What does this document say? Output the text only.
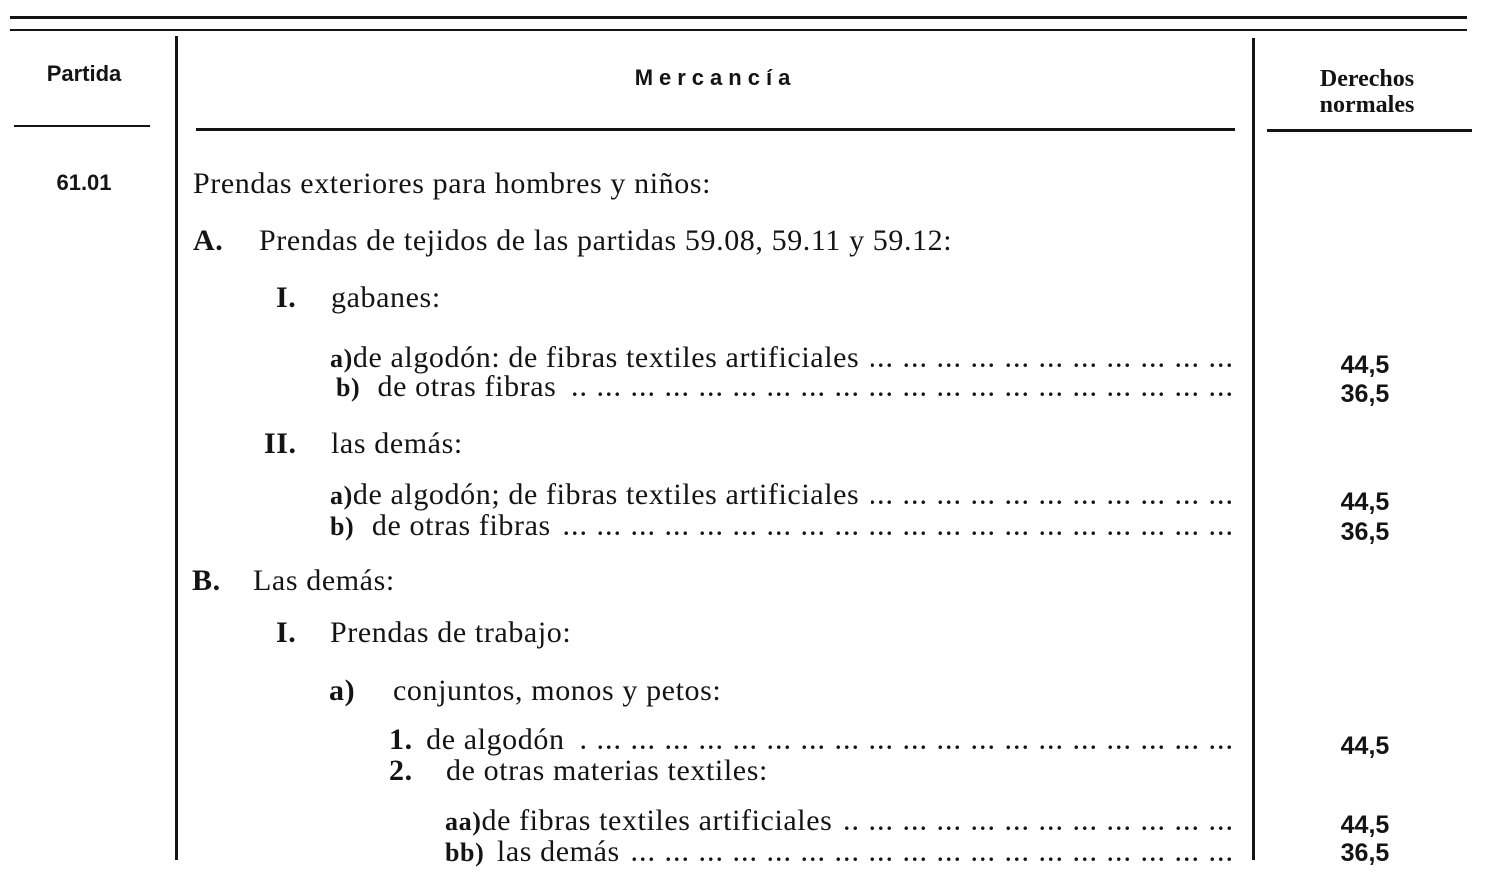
Partida	Mercancía	Derechos
normales
61.01	Prendas exteriores para hombres y niños:
A.	Prendas de tejidos de las partidas 59.08, 59.11 y 59.12:
I.	gabanes:
a) de algodón: de fibras textiles artificiales ... .	44,5
b) de otras fibras ... .	36,5
II.	las demás:
a) de algodón; de fibras textiles artificiales ... .	44,5
b) de otras fibras ... .	36,5
B.	Las demás:
I.	Prendas de trabajo:
a)	conjuntos, monos y petos:
1. de algodón ... .	44,5
2.	de otras materias textiles:
aa) de fibras textiles artificiales ... .	44,5
bb) las demás ... .	36,5
